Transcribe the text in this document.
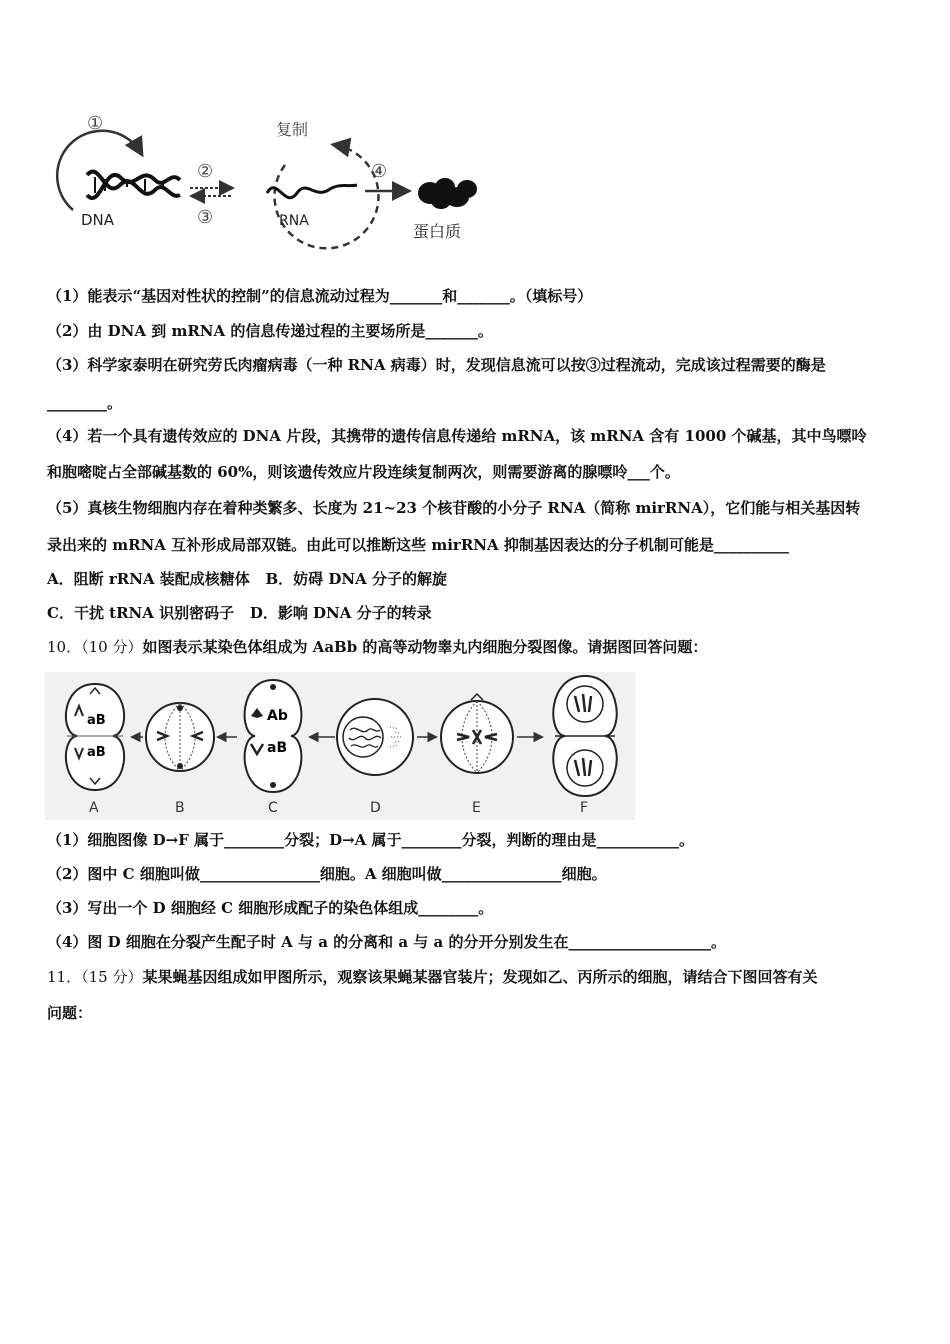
①
DNA
②
③
复制
RNA
④
蛋白质
（1）能表示“基因对性状的控制”的信息流动过程为_______和_______。（填标号）
（2）由 DNA 到 mRNA 的信息传递过程的主要场所是_______。
（3）科学家泰明在研究劳氏肉瘤病毒（一种 RNA 病毒）时，发现信息流可以按③过程流动，完成该过程需要的酶是
________。
（4）若一个具有遗传效应的 DNA 片段，其携带的遗传信息传递给 mRNA，该 mRNA 含有 1000 个碱基，其中鸟嘌呤
和胞嘧啶占全部碱基数的 60%，则该遗传效应片段连续复制两次，则需要游离的腺嘌呤___个。
（5）真核生物细胞内存在着种类繁多、长度为 21~23 个核苷酸的小分子 RNA（简称 mirRNA），它们能与相关基因转
录出来的 mRNA 互补形成局部双链。由此可以推断这些 mirRNA 抑制基因表达的分子机制可能是__________
A．阻断 rRNA 装配成核糖体 B．妨碍 DNA 分子的解旋
C．干扰 tRNA 识别密码子 D．影响 DNA 分子的转录
10．（10 分）如图表示某染色体组成为 AaBb 的高等动物睾丸内细胞分裂图像。请据图回答问题：
aB
aB
Ab
aB
A	B	C	D	E	F
（1）细胞图像 D→F 属于________分裂；D→A 属于________分裂，判断的理由是___________。
（2）图中 C 细胞叫做________________细胞。A 细胞叫做________________细胞。
（3）写出一个 D 细胞经 C 细胞形成配子的染色体组成________。
（4）图 D 细胞在分裂产生配子时 A 与 a 的分离和 a 与 a 的分开分别发生在___________________。
11．（15 分）某果蝇基因组成如甲图所示，观察该果蝇某器官装片；发现如乙、丙所示的细胞，请结合下图回答有关
问题：
